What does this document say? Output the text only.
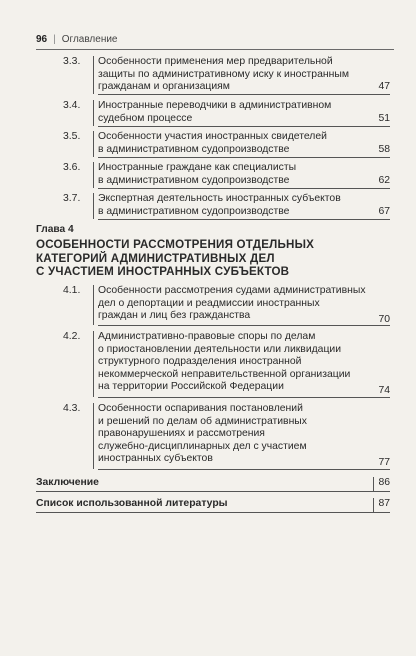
96 | Оглавление
3.3. Особенности применения мер предварительной
защиты по административному иску к иностранным
гражданам и организациям	47
3.4. Иностранные переводчики в административном
судебном процессе	51
3.5. Особенности участия иностранных свидетелей
в административном судопроизводстве	58
3.6. Иностранные граждане как специалисты
в административном судопроизводстве	62
3.7. Экспертная деятельность иностранных субъектов
в административном судопроизводстве	67
Глава 4
ОСОБЕННОСТИ РАССМОТРЕНИЯ ОТДЕЛЬНЫХ
КАТЕГОРИЙ АДМИНИСТРАТИВНЫХ ДЕЛ
С УЧАСТИЕМ ИНОСТРАННЫХ СУБЪЕКТОВ
4.1. Особенности рассмотрения судами административных
дел о депортации и реадмиссии иностранных
граждан и лиц без гражданства	70
4.2. Административно-правовые споры по делам
о приостановлении деятельности или ликвидации
структурного подразделения иностранной
некоммерческой неправительственной организации
на территории Российской Федерации	74
4.3. Особенности оспаривания постановлений
и решений по делам об административных
правонарушениях и рассмотрения
служебно-дисциплинарных дел с участием
иностранных субъектов	77
Заключение	86
Список использованной литературы	87
